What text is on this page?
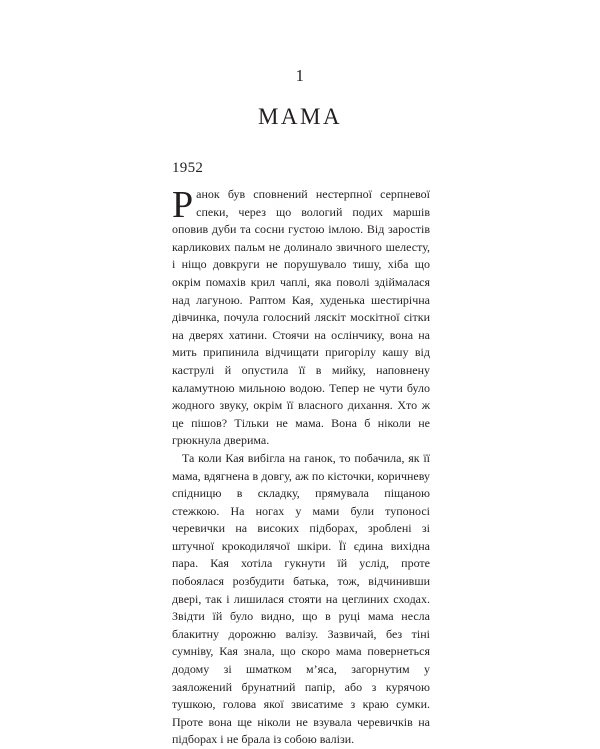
1
МАМА
1952

Ранок був сповнений нестерпної серпневої спеки, через що вологий подих маршів оповив дуби та сосни густою імлою. Від заростів карликових пальм не долинало звичного шелесту, і ніщо довкруги не порушувало тишу, хіба що окрім помахів крил чаплі, яка поволі здіймалася над лагуною. Раптом Кая, худенька шестирічна дівчинка, почула голосний ляскіт москітної сітки на дверях хатини. Стоячи на ослінчику, вона на мить припинила відчищати пригорілу кашу від каструлі й опустила її в мийку, наповнену каламутною мильною водою. Тепер не чути було жодного звуку, окрім її власного дихання. Хто ж це пішов? Тільки не мама. Вона б ніколи не грюкнула дверима.

Та коли Кая вибігла на ганок, то побачила, як її мама, вдягнена в довгу, аж по кісточки, коричневу спідницю в складку, прямувала піщаною стежкою. На ногах у мами були тупоносі черевички на високих підборах, зроблені зі штучної крокодилячої шкіри. Її єдина вихідна пара. Кая хотіла гукнути їй услід, проте побоялася розбудити батька, тож, відчинивши двері, так і лишилася стояти на цеглиних сходах. Звідти їй було видно, що в руці мама несла блакитну дорожню валізу. Зазвичай, без тіні сумніву, Кая знала, що скоро мама повернеться додому зі шматком м’яса, загорнутим у заяложений брунатний папір, або з курячою тушкою, голова якої звисатиме з краю сумки. Проте вона ще ніколи не взувала черевичків на підборах і не брала із собою валізи.
